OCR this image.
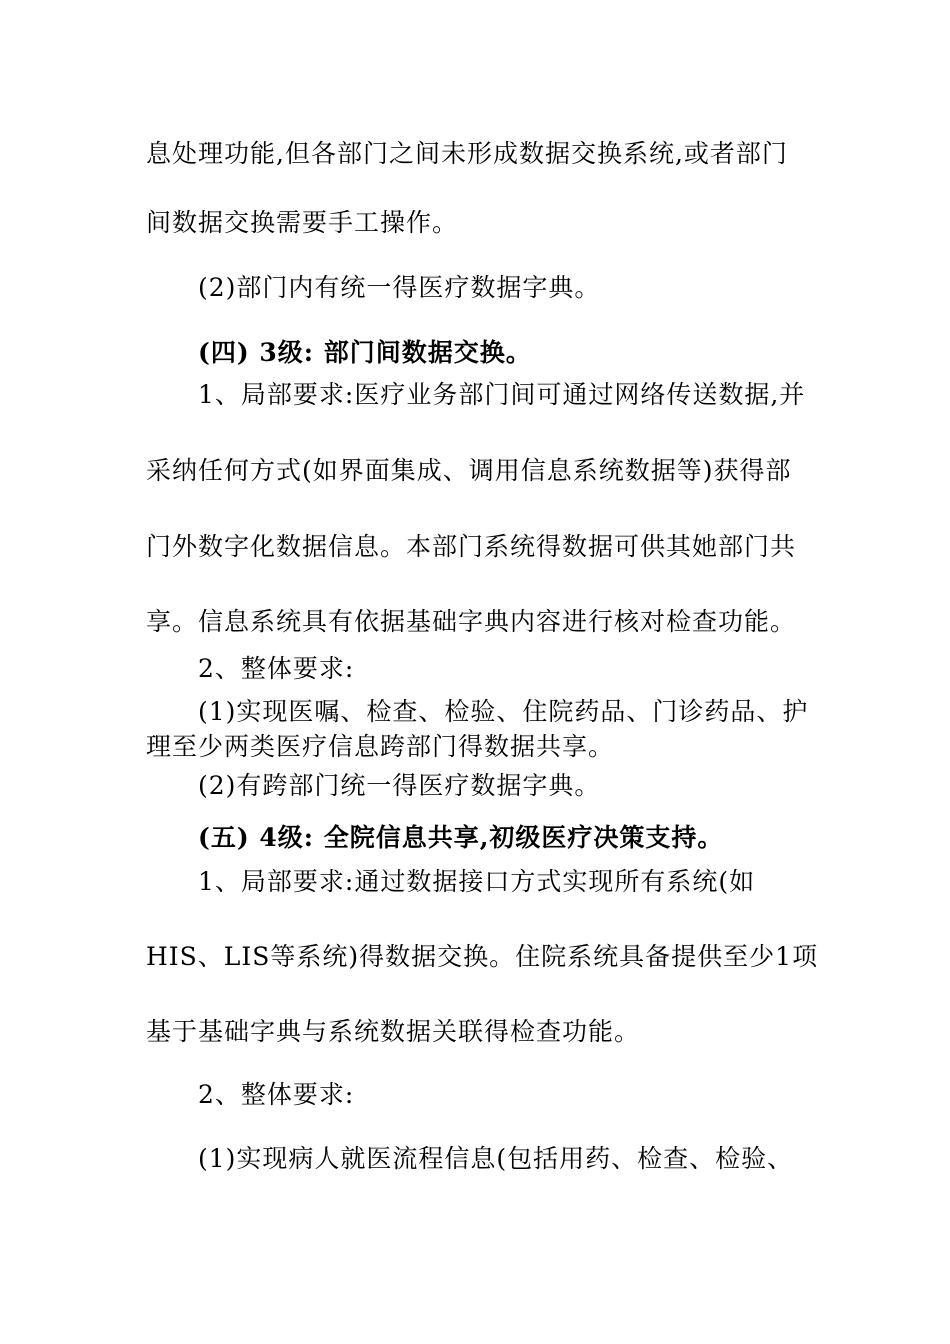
息处理功能,但各部门之间未形成数据交换系统,或者部门
间数据交换需要手工操作。
(2)部门内有统一得医疗数据字典。
(四) 3级: 部门间数据交换。
1、局部要求:医疗业务部门间可通过网络传送数据,并
采纳任何方式(如界面集成、调用信息系统数据等)获得部
门外数字化数据信息。本部门系统得数据可供其她部门共
享。信息系统具有依据基础字典内容进行核对检查功能。
2、整体要求:
(1)实现医嘱、检查、检验、住院药品、门诊药品、护
理至少两类医疗信息跨部门得数据共享。
(2)有跨部门统一得医疗数据字典。
(五) 4级: 全院信息共享,初级医疗决策支持。
1、局部要求:通过数据接口方式实现所有系统(如
HIS、LIS等系统)得数据交换。住院系统具备提供至少1项
基于基础字典与系统数据关联得检查功能。
2、整体要求:
(1)实现病人就医流程信息(包括用药、检查、检验、
